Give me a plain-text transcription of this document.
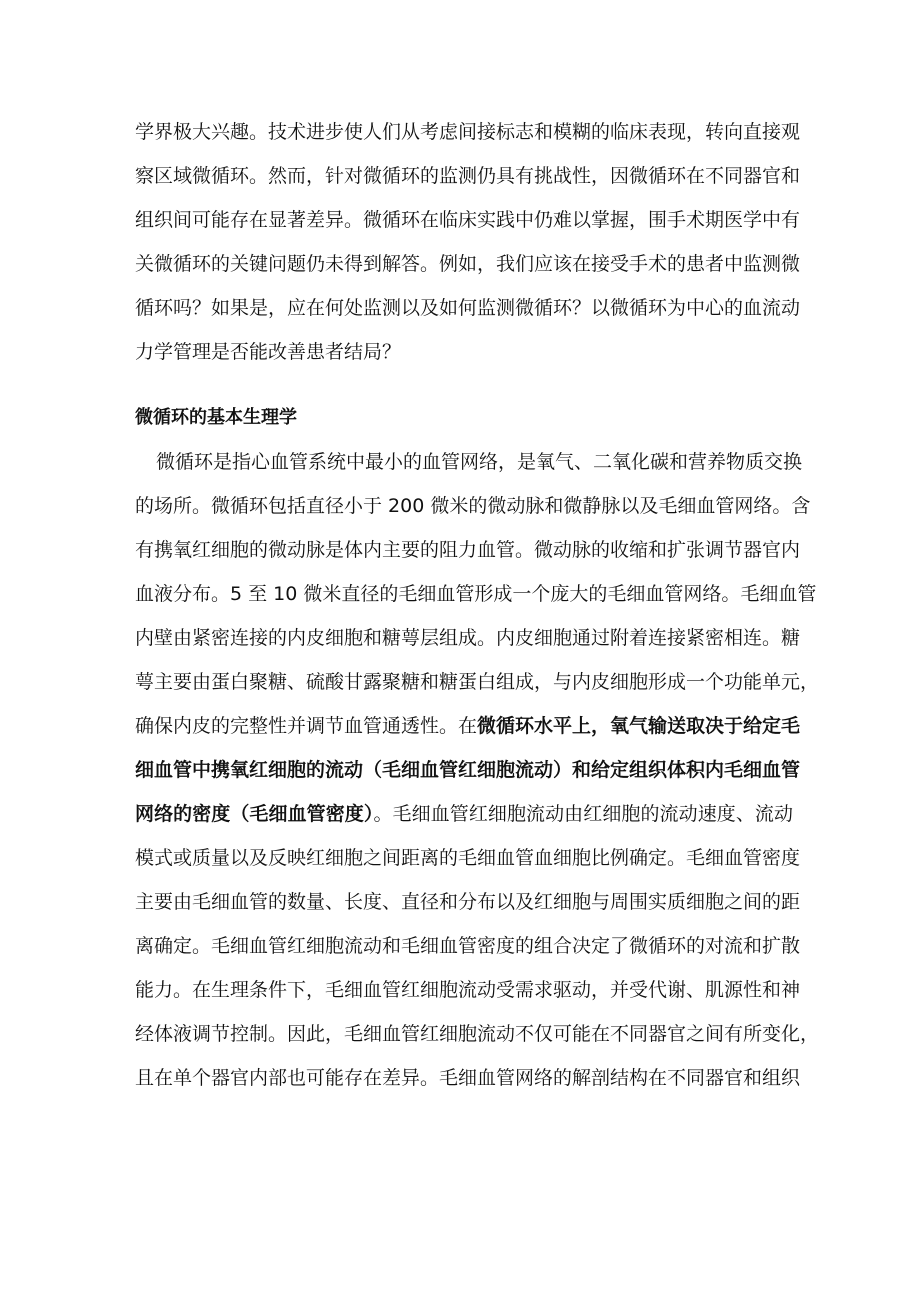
学界极大兴趣。技术进步使人们从考虑间接标志和模糊的临床表现，转向直接观
察区域微循环。然而，针对微循环的监测仍具有挑战性，因微循环在不同器官和
组织间可能存在显著差异。微循环在临床实践中仍难以掌握，围手术期医学中有
关微循环的关键问题仍未得到解答。例如，我们应该在接受手术的患者中监测微
循环吗？如果是，应在何处监测以及如何监测微循环？以微循环为中心的血流动
力学管理是否能改善患者结局？
微循环的基本生理学
微循环是指心血管系统中最小的血管网络，是氧气、二氧化碳和营养物质交换
的场所。微循环包括直径小于 200 微米的微动脉和微静脉以及毛细血管网络。含
有携氧红细胞的微动脉是体内主要的阻力血管。微动脉的收缩和扩张调节器官内
血液分布。5 至 10 微米直径的毛细血管形成一个庞大的毛细血管网络。毛细血管
内壁由紧密连接的内皮细胞和糖萼层组成。内皮细胞通过附着连接紧密相连。糖
萼主要由蛋白聚糖、硫酸甘露聚糖和糖蛋白组成，与内皮细胞形成一个功能单元，
确保内皮的完整性并调节血管通透性。在微循环水平上，氧气输送取决于给定毛
细血管中携氧红细胞的流动（毛细血管红细胞流动）和给定组织体积内毛细血管
网络的密度（毛细血管密度）。毛细血管红细胞流动由红细胞的流动速度、流动
模式或质量以及反映红细胞之间距离的毛细血管血细胞比例确定。毛细血管密度
主要由毛细血管的数量、长度、直径和分布以及红细胞与周围实质细胞之间的距
离确定。毛细血管红细胞流动和毛细血管密度的组合决定了微循环的对流和扩散
能力。在生理条件下，毛细血管红细胞流动受需求驱动，并受代谢、肌源性和神
经体液调节控制。因此，毛细血管红细胞流动不仅可能在不同器官之间有所变化，
且在单个器官内部也可能存在差异。毛细血管网络的解剖结构在不同器官和组织
